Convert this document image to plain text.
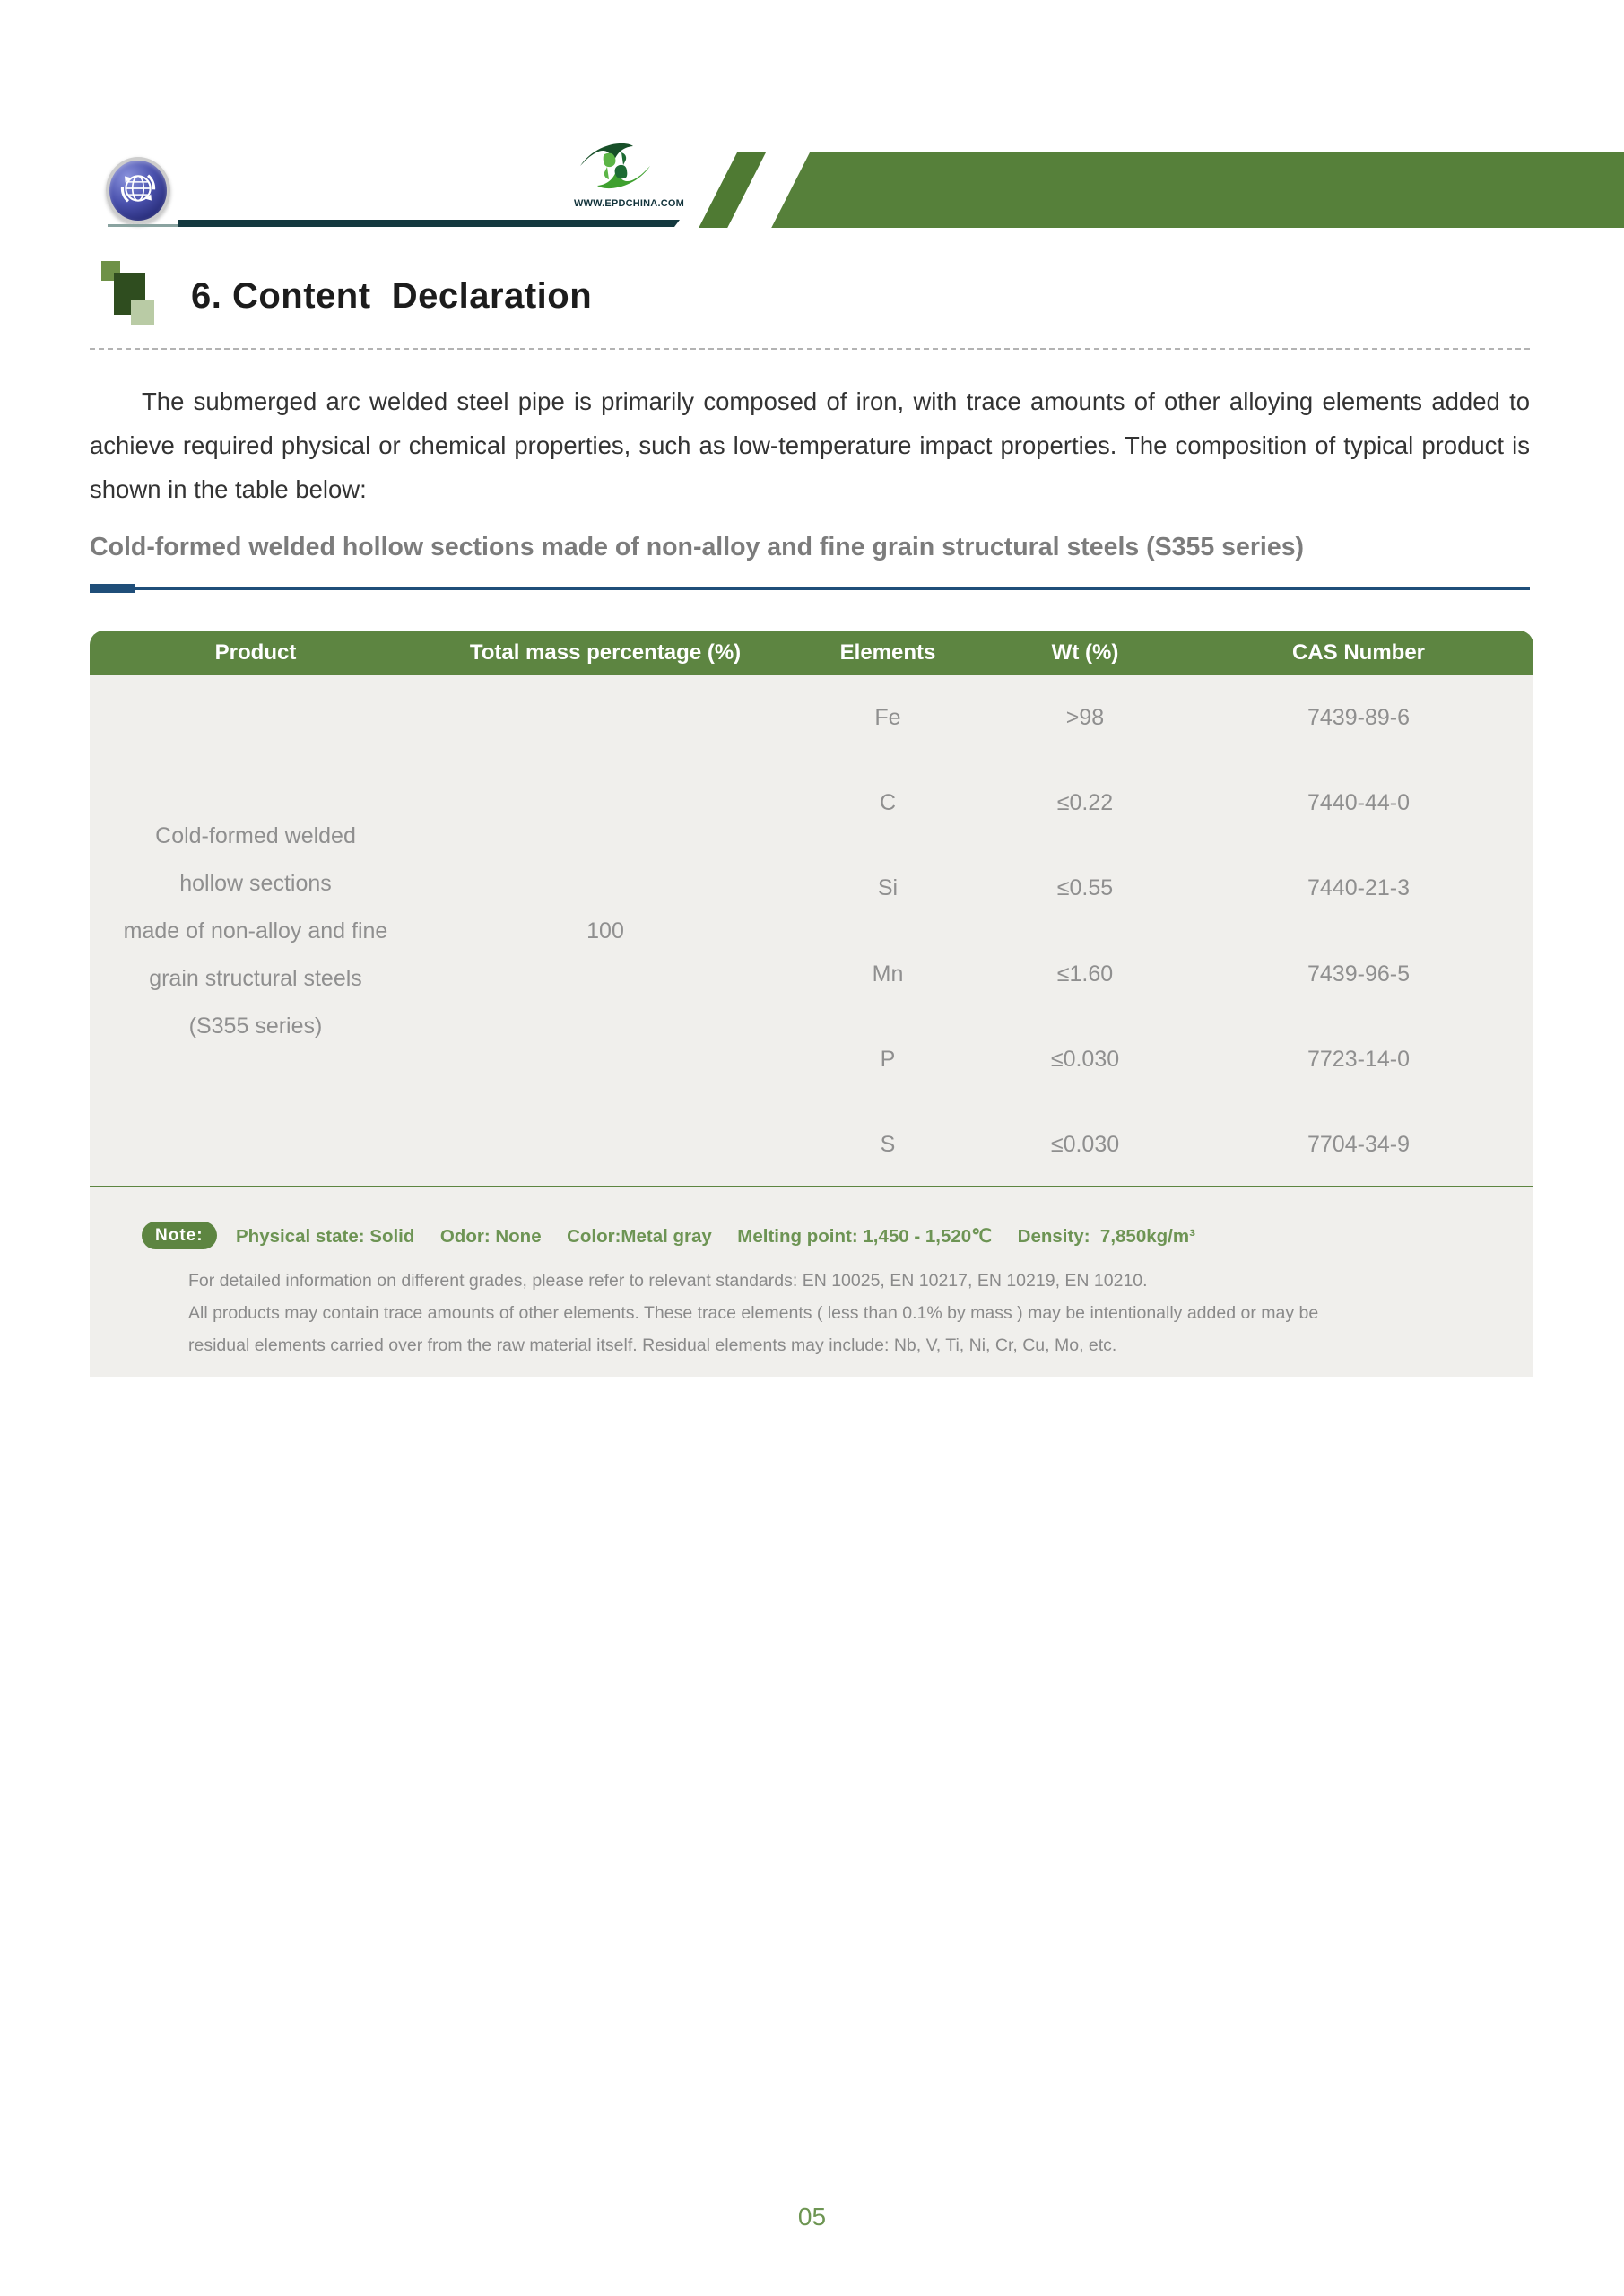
WWW.EPDCHINA.COM
6. Content  Declaration

The submerged arc welded steel pipe is primarily composed of iron, with trace amounts of other alloying elements added to achieve required physical or chemical properties, such as low-temperature impact properties. The composition of typical product is shown in the table below:

Cold-formed welded hollow sections made of non-alloy and fine grain structural steels (S355 series)
Product	Total mass percentage (%)	Elements	Wt (%)	CAS Number
Cold-formed welded
hollow sections
made of non-alloy and fine
grain structural steels
(S355 series)
100
Fe	>98	7439-89-6
C	≤0.22	7440-44-0
Si	≤0.55	7440-21-3
Mn	≤1.60	7439-96-5
P	≤0.030	7723-14-0
S	≤0.030	7704-34-9
Note:	Physical state: Solid     Odor: None     Color:Metal gray     Melting point: 1,450 - 1,520℃     Density:  7,850kg/m³
For detailed information on different grades, please refer to relevant standards: EN 10025, EN 10217, EN 10219, EN 10210.
All products may contain trace amounts of other elements. These trace elements ( less than 0.1% by mass ) may be intentionally added or may be
residual elements carried over from the raw material itself. Residual elements may include: Nb, V, Ti, Ni, Cr, Cu, Mo, etc.
05
